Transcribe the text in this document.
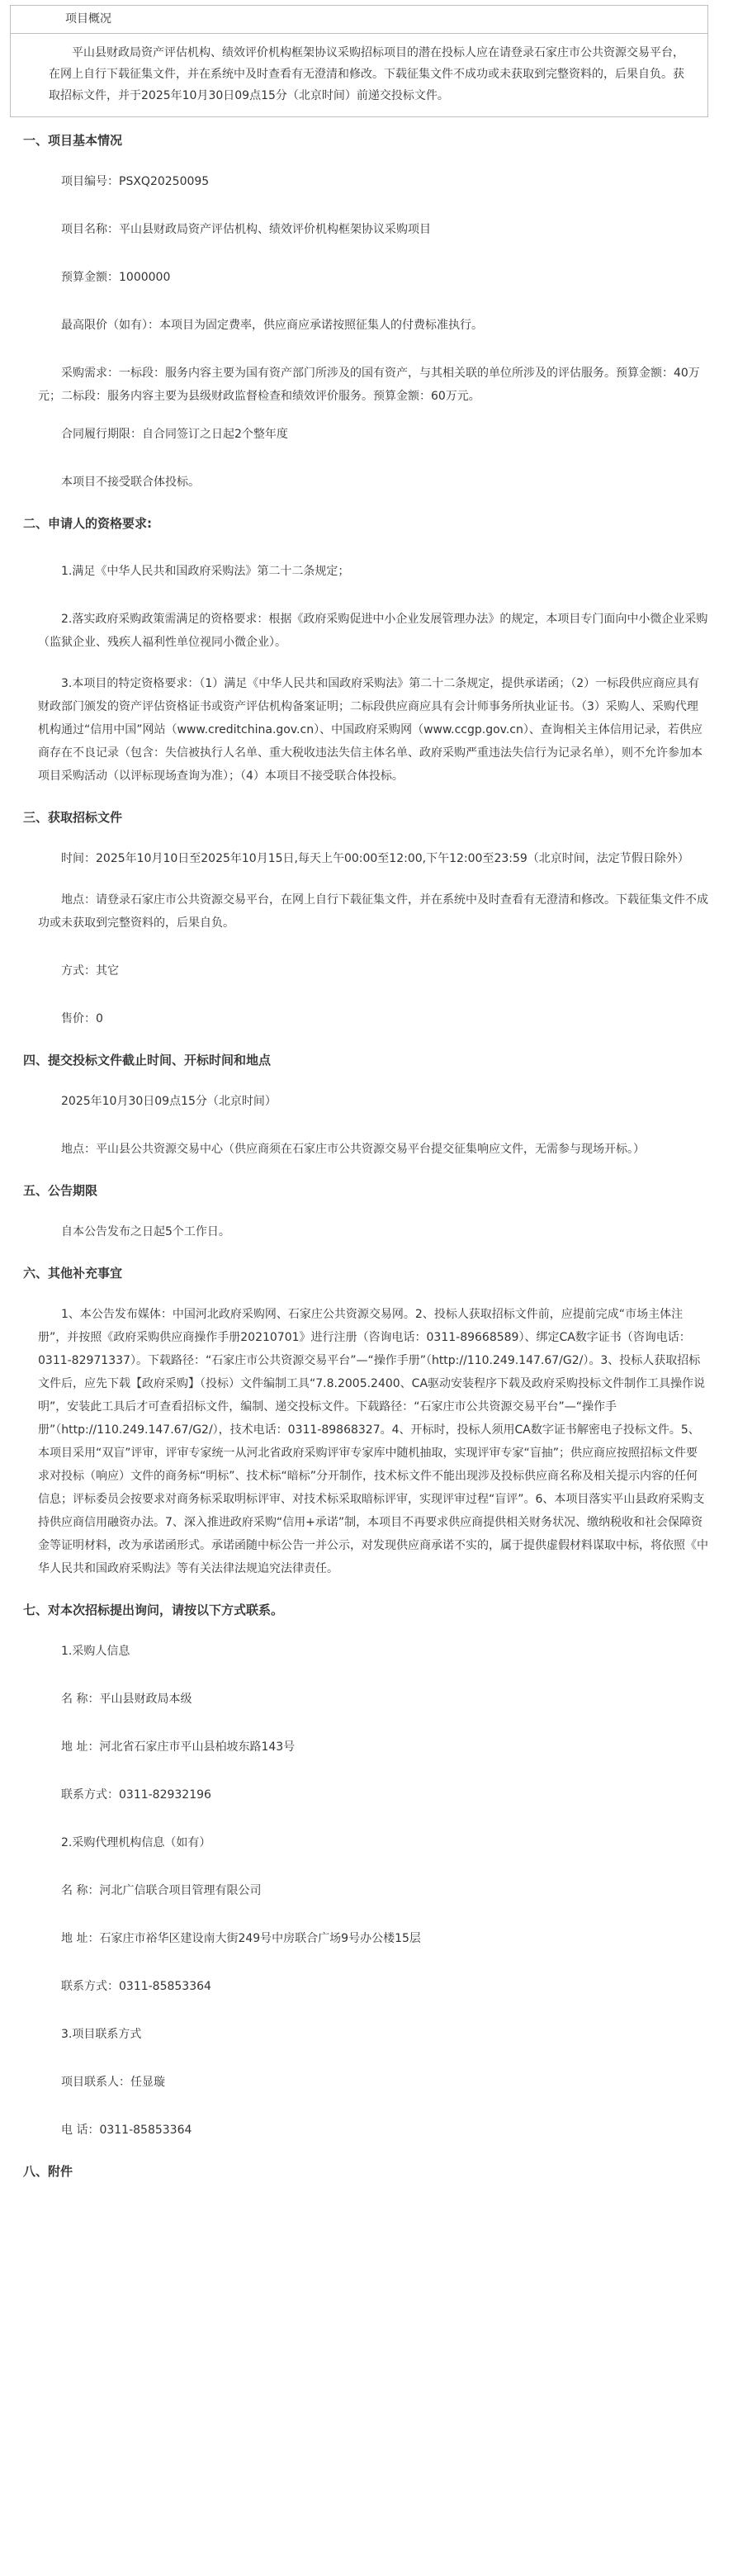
项目概况
平山县财政局资产评估机构、绩效评价机构框架协议采购招标项目的潜在投标人应在请登录石家庄市公共资源交易平台，在网上自行下载征集文件，并在系统中及时查看有无澄清和修改。下载征集文件不成功或未获取到完整资料的，后果自负。获取招标文件，并于2025年10月30日09点15分（北京时间）前递交投标文件。
一、项目基本情况

项目编号：PSXQ20250095

项目名称：平山县财政局资产评估机构、绩效评价机构框架协议采购项目

预算金额：1000000

最高限价（如有）：本项目为固定费率，供应商应承诺按照征集人的付费标准执行。

采购需求：一标段：服务内容主要为国有资产部门所涉及的国有资产，与其相关联的单位所涉及的评估服务。预算金额：40万元；二标段：服务内容主要为县级财政监督检查和绩效评价服务。预算金额：60万元。

合同履行期限：自合同签订之日起2个整年度

本项目不接受联合体投标。

二、申请人的资格要求:

1.满足《中华人民共和国政府采购法》第二十二条规定；

2.落实政府采购政策需满足的资格要求：根据《政府采购促进中小企业发展管理办法》的规定，本项目专门面向中小微企业采购（监狱企业、残疾人福利性单位视同小微企业）。

3.本项目的特定资格要求：（1）满足《中华人民共和国政府采购法》第二十二条规定，提供承诺函；（2）一标段供应商应具有财政部门颁发的资产评估资格证书或资产评估机构备案证明；二标段供应商应具有会计师事务所执业证书。（3）采购人、采购代理机构通过“信用中国”网站（www.creditchina.gov.cn）、中国政府采购网（www.ccgp.gov.cn）、查询相关主体信用记录，若供应商存在不良记录（包含：失信被执行人名单、重大税收违法失信主体名单、政府采购严重违法失信行为记录名单），则不允许参加本项目采购活动（以评标现场查询为准）；（4）本项目不接受联合体投标。

三、获取招标文件

时间：2025年10月10日至2025年10月15日,每天上午00:00至12:00,下午12:00至23:59（北京时间，法定节假日除外）

地点：请登录石家庄市公共资源交易平台，在网上自行下载征集文件，并在系统中及时查看有无澄清和修改。下载征集文件不成功或未获取到完整资料的，后果自负。

方式：其它

售价：0

四、提交投标文件截止时间、开标时间和地点

2025年10月30日09点15分（北京时间）

地点：平山县公共资源交易中心（供应商须在石家庄市公共资源交易平台提交征集响应文件，无需参与现场开标。）

五、公告期限

自本公告发布之日起5个工作日。

六、其他补充事宜

1、本公告发布媒体：中国河北政府采购网、石家庄公共资源交易网。2、投标人获取招标文件前，应提前完成“市场主体注册”，并按照《政府采购供应商操作手册20210701》进行注册（咨询电话：0311-89668589）、绑定CA数字证书（咨询电话：0311-82971337）。下载路径：“石家庄市公共资源交易平台”—“操作手册”（http://110.249.147.67/G2/）。3、投标人获取招标文件后，应先下载【政府采购】（投标）文件编制工具“7.8.2005.2400、CA驱动安装程序下载及政府采购投标文件制作工具操作说明”，安装此工具后才可查看招标文件，编制、递交投标文件。下载路径：“石家庄市公共资源交易平台”—“操作手册”（http://110.249.147.67/G2/），技术电话：0311-89868327。4、开标时，投标人须用CA数字证书解密电子投标文件。5、本项目采用“双盲”评审，评审专家统一从河北省政府采购评审专家库中随机抽取，实现评审专家“盲抽”；供应商应按照招标文件要求对投标（响应）文件的商务标“明标”、技术标“暗标”分开制作，技术标文件不能出现涉及投标供应商名称及相关提示内容的任何信息；评标委员会按要求对商务标采取明标评审、对技术标采取暗标评审，实现评审过程“盲评”。6、本项目落实平山县政府采购支持供应商信用融资办法。7、深入推进政府采购“信用+承诺”制，本项目不再要求供应商提供相关财务状况、缴纳税收和社会保障资金等证明材料，改为承诺函形式。承诺函随中标公告一并公示，对发现供应商承诺不实的，属于提供虚假材料谋取中标，将依照《中华人民共和国政府采购法》等有关法律法规追究法律责任。

七、对本次招标提出询问，请按以下方式联系。

1.采购人信息

名 称：平山县财政局本级

地 址：河北省石家庄市平山县柏坡东路143号

联系方式：0311-82932196

2.采购代理机构信息（如有）

名 称：河北广信联合项目管理有限公司

地 址：石家庄市裕华区建设南大街249号中房联合广场9号办公楼15层

联系方式：0311-85853364

3.项目联系方式

项目联系人：任显璇

电 话：0311-85853364

八、附件
